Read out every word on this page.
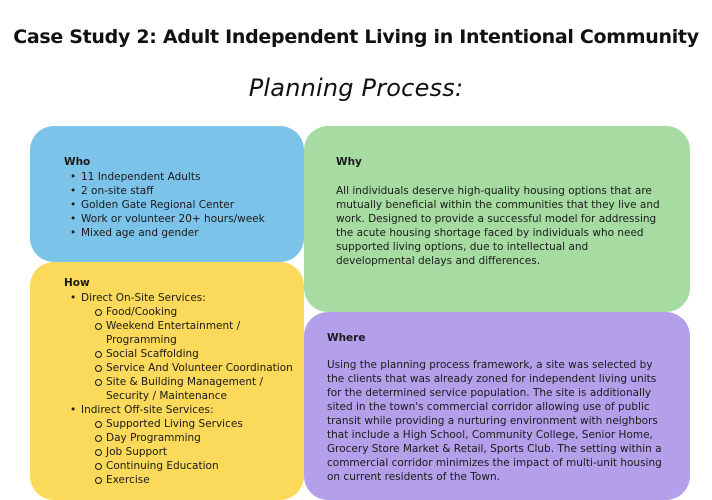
Case Study 2: Adult Independent Living in Intentional Community
Planning Process:
Who
• 11 Independent Adults
• 2 on-site staff
• Golden Gate Regional Center
• Work or volunteer 20+ hours/week
• Mixed age and gender
Why
All individuals deserve high-quality housing options that are mutually beneficial within the communities that they live and work. Designed to provide a successful model for addressing the acute housing shortage faced by individuals who need supported living options, due to intellectual and developmental delays and differences.
How
• Direct On-Site Services:
Food/Cooking
Weekend Entertainment / Programming
Social Scaffolding
Service And Volunteer Coordination
Site & Building Management / Security / Maintenance
• Indirect Off-site Services:
Supported Living Services
Day Programming
Job Support
Continuing Education
Exercise
Where
Using the planning process framework, a site was selected by the clients that was already zoned for independent living units for the determined service population. The site is additionally sited in the town's commercial corridor allowing use of public transit while providing a nurturing environment with neighbors that include a High School, Community College, Senior Home, Grocery Store Market & Retail, Sports Club. The setting within a commercial corridor minimizes the impact of multi-unit housing on current residents of the Town.
